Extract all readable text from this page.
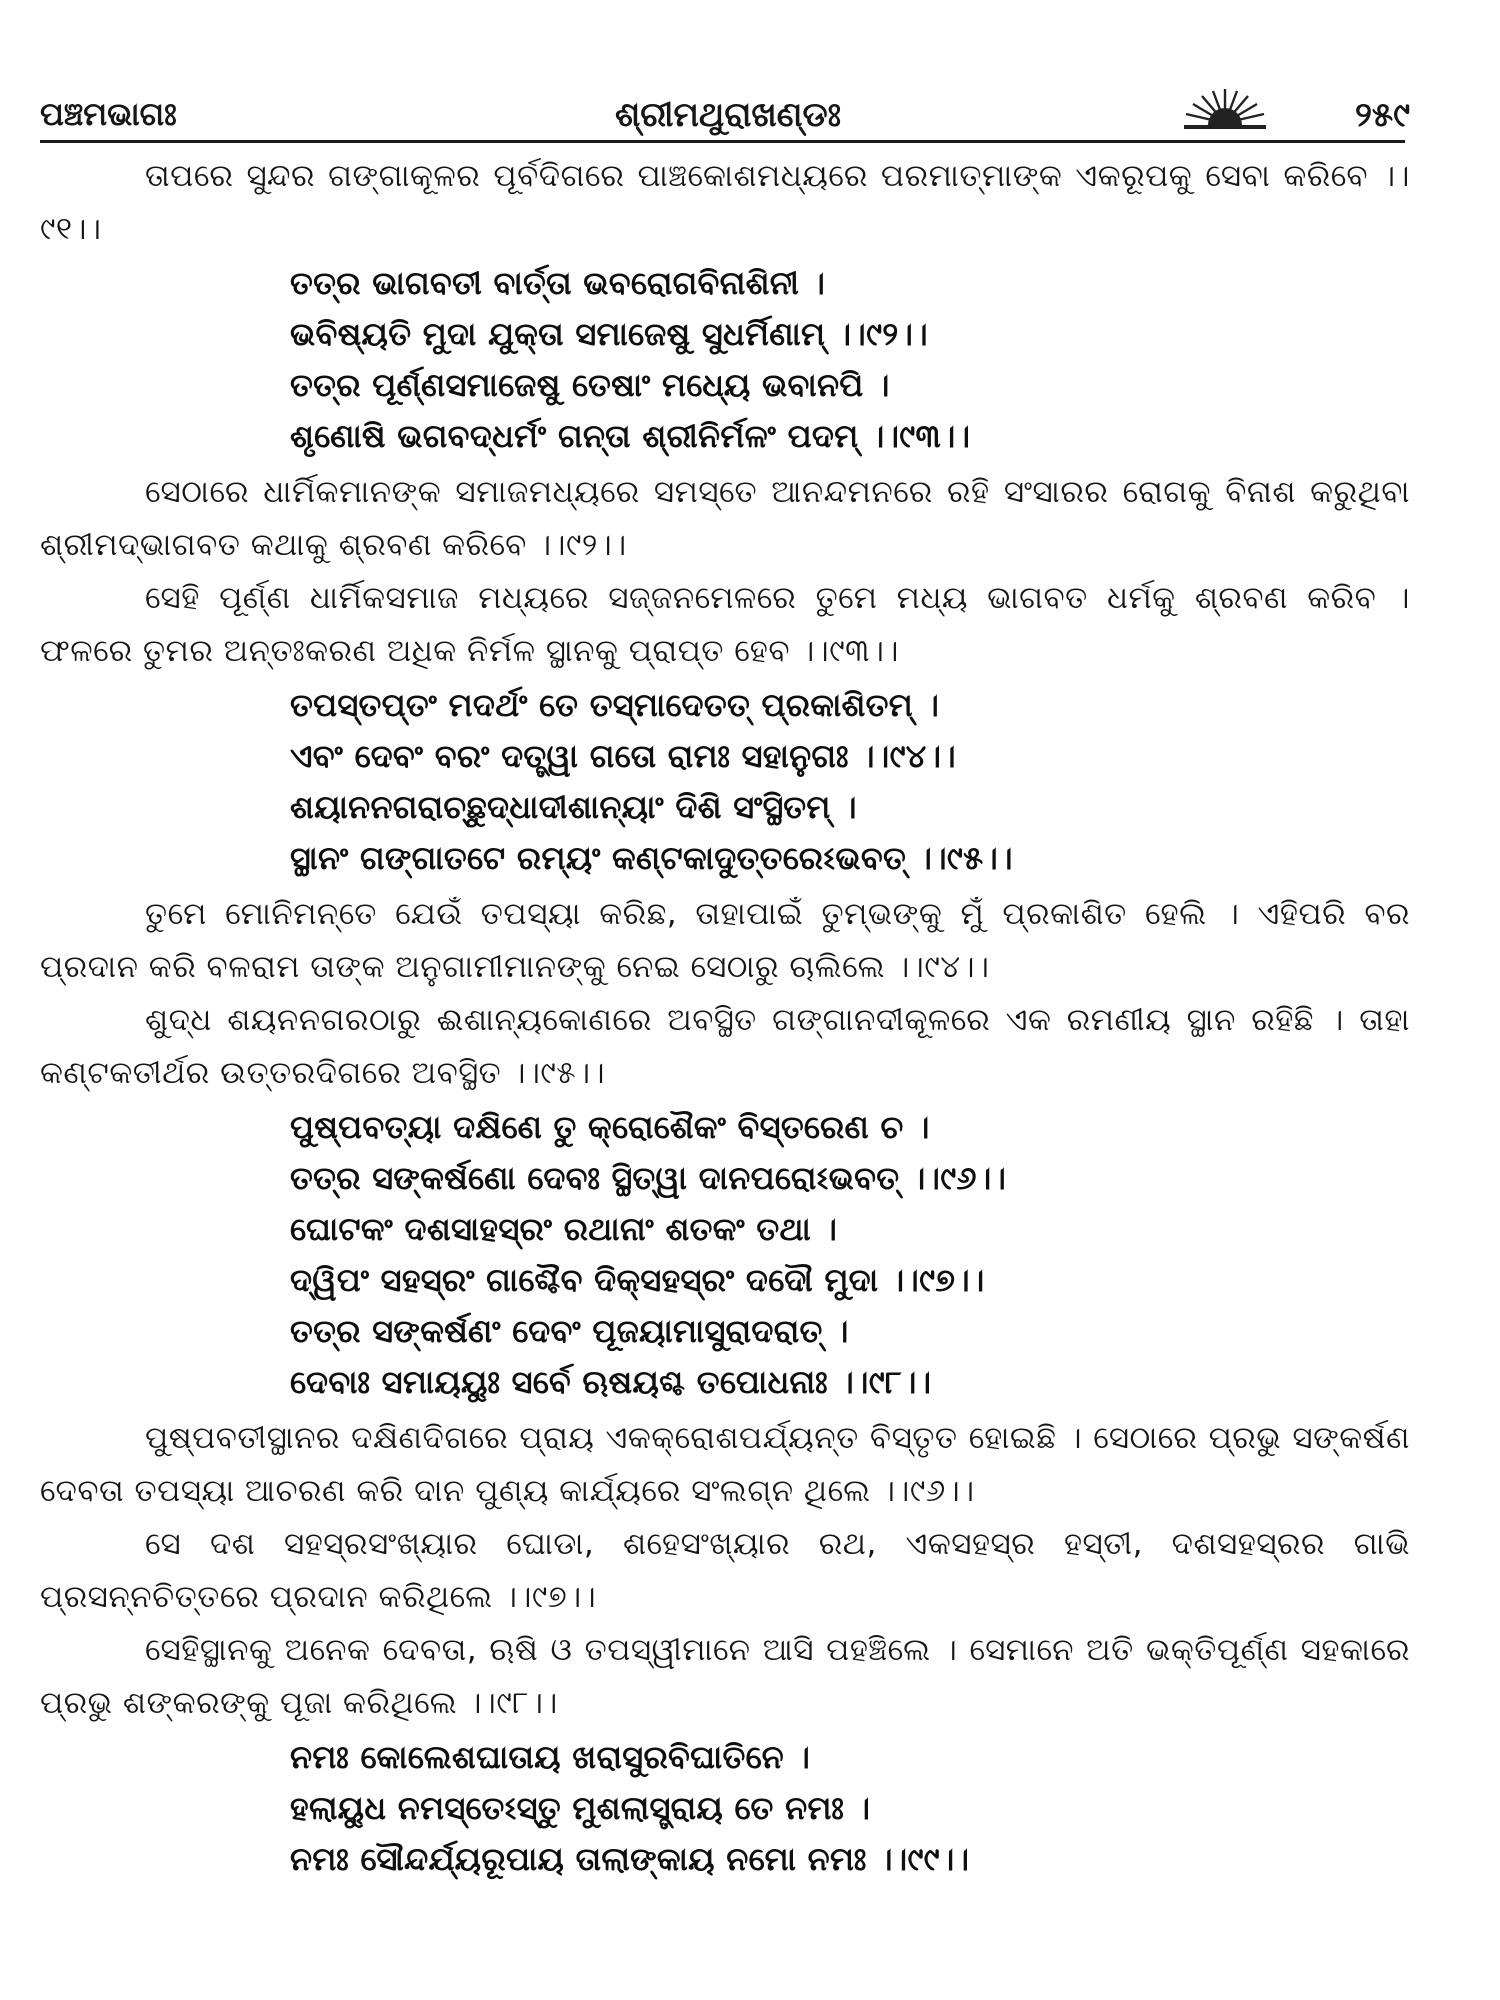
ପଞ୍ଚମଭାଗଃ	ଶ୍ରୀମଥୁରାଖଣ୍ଡଃ	୨୫୯

ତାପରେ ସୁନ୍ଦର ଗଙ୍ଗାକୂଳର ପୂର୍ବଦିଗରେ ପାଞ୍ଚକୋଶମଧ୍ୟରେ ପରମାତ୍ମାଙ୍କ ଏକରୂପକୁ ସେବା କରିବେ ।।୯୧।।

ତତ୍ର ଭାଗବତୀ ବାର୍ତ୍ତା ଭବରୋଗବିନାଶିନୀ ।

ଭବିଷ୍ୟତି ମୁଦା ଯୁକ୍ତା ସମାଜେଷୁ ସୁଧର୍ମିଣାମ୍ ।।୯୨।।

ତତ୍ର ପୂର୍ଣ୍ଣସମାଜେଷୁ ତେଷାଂ ମଧ୍ୟେ ଭବାନପି ।

ଶୃଣୋଷି ଭଗବଦ୍ଧର୍ମଂ ଗନ୍ତା ଶ୍ରୀନିର୍ମଳଂ ପଦମ୍ ।।୯୩।।

ସେଠାରେ ଧାର୍ମିକମାନଙ୍କ ସମାଜମଧ୍ୟରେ ସମସ୍ତେ ଆନନ୍ଦମନରେ ରହି ସଂସାରର ରୋଗକୁ ବିନାଶ କରୁଥିବା ଶ୍ରୀମଦ୍‌ଭାଗବତ କଥାକୁ ଶ୍ରବଣ କରିବେ ।।୯୨।।

ସେହି ପୂର୍ଣ୍ଣ ଧାର୍ମିକସମାଜ ମଧ୍ୟରେ ସଜ୍ଜନମେଳରେ ତୁମେ ମଧ୍ୟ ଭାଗବତ ଧର୍ମକୁ ଶ୍ରବଣ କରିବ । ଫଳରେ ତୁମର ଅନ୍ତଃକରଣ ଅଧିକ ନିର୍ମଳ ସ୍ଥାନକୁ ପ୍ରାପ୍ତ ହେବ ।।୯୩।।

ତପସ୍ତପ୍ତଂ ମଦର୍ଥଂ ତେ ତସ୍ମାଦେତତ୍ ପ୍ରକାଶିତମ୍ ।

ଏବଂ ଦେବଂ ବରଂ ଦତ୍ତ୍ୱା ଗତୋ ରାମଃ ସହାନୁଗଃ ।।୯୪।।

ଶୟାନନଗରାଚ୍ଛୁଦ୍ଧାଦୀଶାନ୍ୟାଂ ଦିଶି ସଂସ୍ଥିତମ୍ ।

ସ୍ଥାନଂ ଗଙ୍ଗାତଟେ ରମ୍ୟଂ କଣ୍ଟକାଦୁତ୍ତରେଽଭବତ୍ ।।୯୫।।

ତୁମେ ମୋନିମନ୍ତେ ଯେଉଁ ତପସ୍ୟା କରିଛ, ତାହାପାଇଁ ତୁମ୍ଭଙ୍କୁ ମୁଁ ପ୍ରକାଶିତ ହେଲି । ଏହିପରି ବର ପ୍ରଦାନ କରି ବଳରାମ ତାଙ୍କ ଅନୁଗାମୀମାନଙ୍କୁ ନେଇ ସେଠାରୁ ଚାଲିଲେ ।।୯୪।।

ଶୁଦ୍ଧ ଶୟନନଗରଠାରୁ ଈଶାନ୍ୟକୋଣରେ ଅବସ୍ଥିତ ଗଙ୍ଗାନଦୀକୂଳରେ ଏକ ରମଣୀୟ ସ୍ଥାନ ରହିଛି । ତାହା କଣ୍ଟକତୀର୍ଥର ଉତ୍ତରଦିଗରେ ଅବସ୍ଥିତ ।।୯୫।।

ପୁଷ୍ପବତ୍ୟା ଦକ୍ଷିଣେ ତୁ କ୍ରୋଶୈକଂ ବିସ୍ତରେଣ ଚ ।

ତତ୍ର ସଙ୍କର୍ଷଣୋ ଦେବଃ ସ୍ଥିତ୍ୱା ଦାନପରୋଽଭବତ୍ ।।୯୬।।

ଘୋଟକଂ ଦଶସାହସ୍ରଂ ରଥାନାଂ ଶତକଂ ତଥା ।

ଦ୍ୱିପଂ ସହସ୍ରଂ ଗାଶ୍ଚୈବ ଦିକ୍‌ସହସ୍ରଂ ଦଦୌ ମୁଦା ।।୯୭।।

ତତ୍ର ସଙ୍କର୍ଷଣଂ ଦେବଂ ପୂଜୟାମାସୁରାଦରାତ୍ ।

ଦେବାଃ ସମାୟୟୁଃ ସର୍ବେ ଋଷୟଶ୍ଚ ତପୋଧନାଃ ।।୯୮।।

ପୁଷ୍ପବତୀସ୍ଥାନର ଦକ୍ଷିଣଦିଗରେ ପ୍ରାୟ ଏକକ୍ରୋଶପର୍ଯ୍ୟନ୍ତ ବିସ୍ତୃତ ହୋଇଛି । ସେଠାରେ ପ୍ରଭୁ ସଙ୍କର୍ଷଣ ଦେବତା ତପସ୍ୟା ଆଚରଣ କରି ଦାନ ପୁଣ୍ୟ କାର୍ଯ୍ୟରେ ସଂଲଗ୍ନ ଥିଲେ ।।୯୬।।

ସେ ଦଶ ସହସ୍ରସଂଖ୍ୟାର ଘୋଡା, ଶହେସଂଖ୍ୟାର ରଥ, ଏକସହସ୍ର ହସ୍ତୀ, ଦଶସହସ୍ରର ଗାଭି ପ୍ରସନ୍ନଚିତ୍ତରେ ପ୍ରଦାନ କରିଥିଲେ ।।୯୭।।

ସେହିସ୍ଥାନକୁ ଅନେକ ଦେବତା, ଋଷି ଓ ତପସ୍ୱୀମାନେ ଆସି ପହଞ୍ଚିଲେ । ସେମାନେ ଅତି ଭକ୍ତିପୂର୍ଣ୍ଣ ସହକାରେ ପ୍ରଭୁ ଶଙ୍କରଙ୍କୁ ପୂଜା କରିଥିଲେ ।।୯୮।।

ନମଃ କୋଲେଶଘାତାୟ ଖରାସୁରବିଘାତିନେ ।

ହଲାୟୁଧ ନମସ୍ତେଽସ୍ତୁ ମୁଶଲାସ୍ତ୍ରାୟ ତେ ନମଃ ।

ନମଃ ସୌନ୍ଦର୍ଯ୍ୟରୂପାୟ ତାଲାଙ୍କାୟ ନମୋ ନମଃ ।।୯୯।।
